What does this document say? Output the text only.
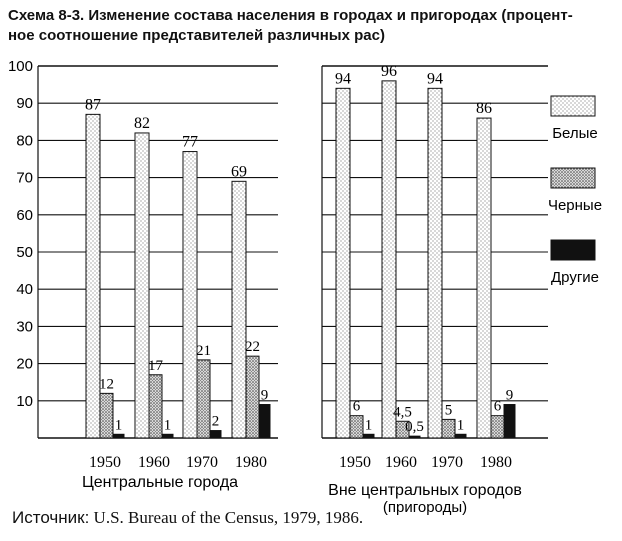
Схема 8-3. Изменение состава населения в городах и пригородах (процент-
ное соотношение представителей различных рас)
10
20
30
40
50
60
70
80
90
100
87
12
1
1950
82
17
1
1960
77
21
2
1970
69
22
9
1980
Центральные города
94
6
1
1950
96
4,5
0,5
1960
94
5
1
1970
86
6
9
1980
Вне центральных городов
(пригороды)
Белые
Черные
Другие
Источник: U.S. Bureau of the Census, 1979, 1986.
